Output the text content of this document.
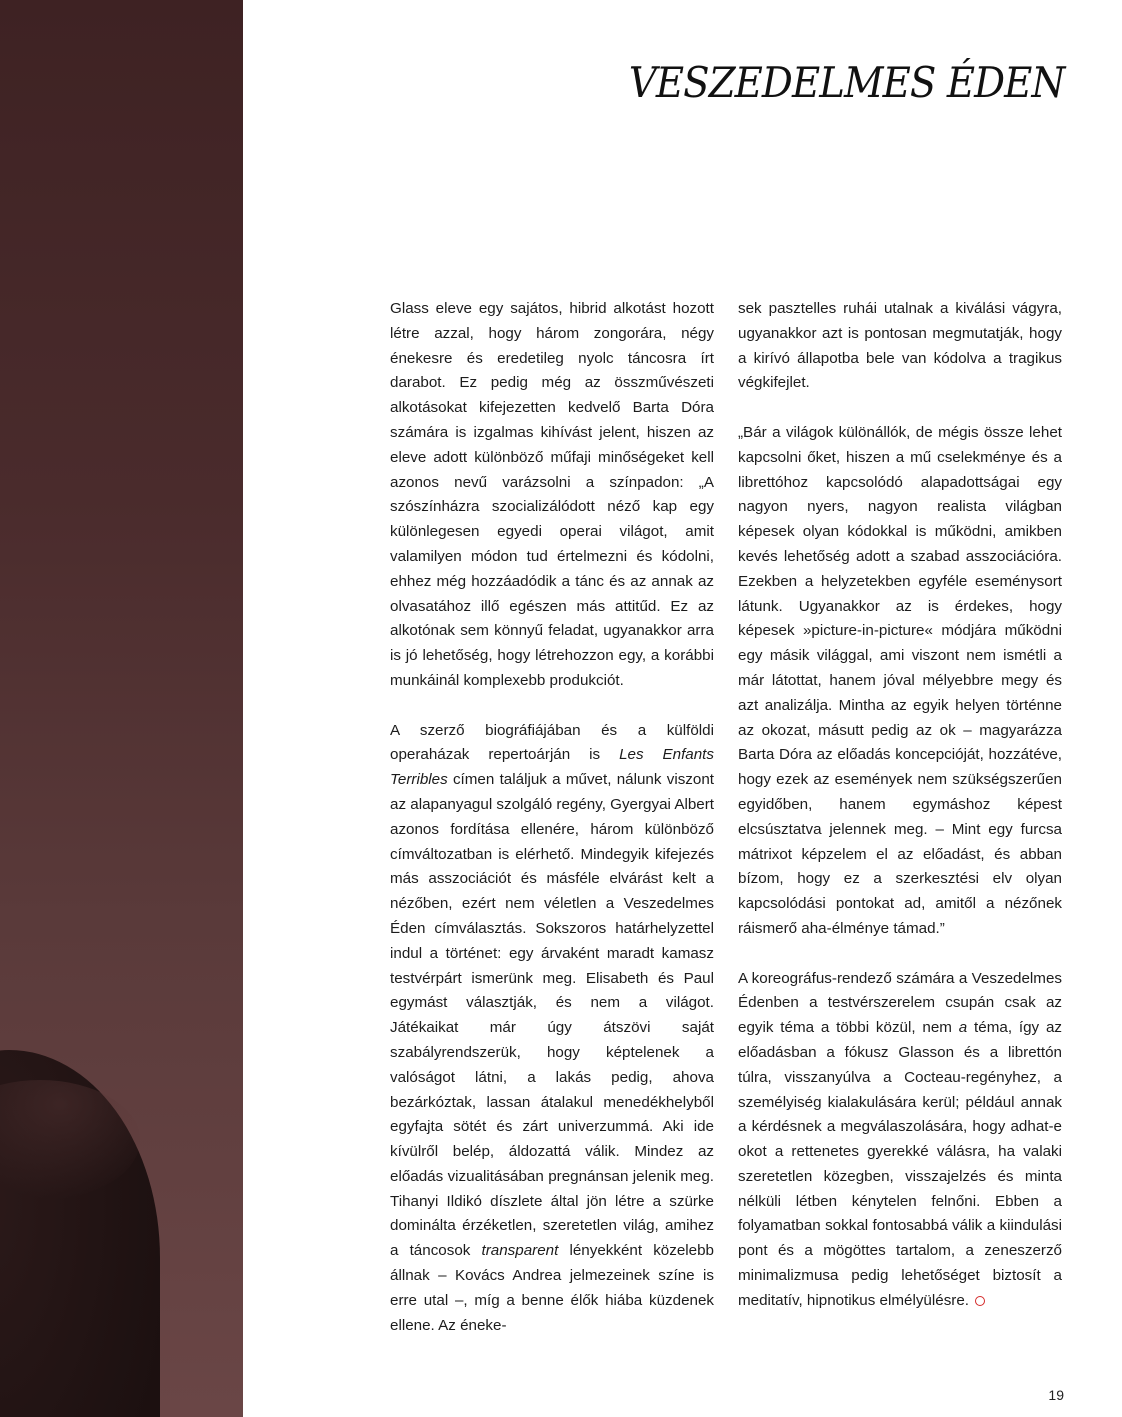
VESZEDELMES ÉDEN

Glass eleve egy sajátos, hibrid alkotást hozott létre azzal, hogy három zongorára, négy énekesre és eredetileg nyolc táncosra írt darabot. Ez pedig még az összművészeti alkotásokat kifejezetten kedvelő Barta Dóra számára is izgalmas kihívást jelent, hiszen az eleve adott különböző műfaji minőségeket kell azonos nevű varázsolni a színpadon: „A szószínházra szocializálódott néző kap egy különlegesen egyedi operai világot, amit valamilyen módon tud értelmezni és kódolni, ehhez még hozzáadódik a tánc és az annak az olvasatához illő egészen más attitűd. Ez az alkotónak sem könnyű feladat, ugyanakkor arra is jó lehetőség, hogy létrehozzon egy, a korábbi munkáinál komplexebb produkciót.

A szerző biográfiájában és a külföldi operaházak repertoárján is Les Enfants Terribles címen találjuk a művet, nálunk viszont az alapanyagul szolgáló regény, Gyergyai Albert azonos fordítása ellenére, három különböző címváltozatban is elérhető. Mindegyik kifejezés más asszociációt és másféle elvárást kelt a nézőben, ezért nem véletlen a Veszedelmes Éden címválasztás. Sokszoros határhelyzettel indul a történet: egy árvaként maradt kamasz testvérpárt ismerünk meg. Elisabeth és Paul egymást választják, és nem a világot. Játékaikat már úgy átszövi saját szabályrendszerük, hogy képtelenek a valóságot látni, a lakás pedig, ahova bezárkóztak, lassan átalakul menedékhelyből egyfajta sötét és zárt univerzummá. Aki ide kívülről belép, áldozattá válik. Mindez az előadás vizualitásában pregnánsan jelenik meg. Tihanyi Ildikó díszlete által jön létre a szürke dominálta érzéketlen, szeretetlen világ, amihez a táncosok transparent lényekként közelebb állnak – Kovács Andrea jelmezeinek színe is erre utal –, míg a benne élők hiába küzdenek ellene. Az éneke-

sek pasztelles ruhái utalnak a kiválási vágyra, ugyanakkor azt is pontosan megmutatják, hogy a kirívó állapotba bele van kódolva a tragikus végkifejlet.

„Bár a világok különállók, de mégis össze lehet kapcsolni őket, hiszen a mű cselekménye és a librettóhoz kapcsolódó alapadottságai egy nagyon nyers, nagyon realista világban képesek olyan kódokkal is működni, amikben kevés lehetőség adott a szabad asszociációra. Ezekben a helyzetekben egyféle eseménysort látunk. Ugyanakkor az is érdekes, hogy képesek »picture-in-picture« módjára működni egy másik világgal, ami viszont nem ismétli a már látottat, hanem jóval mélyebbre megy és azt analizálja. Mintha az egyik helyen történne az okozat, másutt pedig az ok – magyarázza Barta Dóra az előadás koncepcióját, hozzátéve, hogy ezek az események nem szükségszerűen egyidőben, hanem egymáshoz képest elcsúsztatva jelennek meg. – Mint egy furcsa mátrixot képzelem el az előadást, és abban bízom, hogy ez a szerkesztési elv olyan kapcsolódási pontokat ad, amitől a nézőnek ráismerő aha-élménye támad.”

A koreográfus-rendező számára a Veszedelmes Édenben a testvérszerelem csupán csak az egyik téma a többi közül, nem a téma, így az előadásban a fókusz Glasson és a librettón túlra, visszanyúlva a Cocteau-regényhez, a személyiség kialakulására kerül; például annak a kérdésnek a megválaszolására, hogy adhat-e okot a rettenetes gyerekké válásra, ha valaki szeretetlen közegben, visszajelzés és minta nélküli létben kénytelen felnőni. Ebben a folyamatban sokkal fontosabbá válik a kiindulási pont és a mögöttes tartalom, a zeneszerző minimalizmusa pedig lehetőséget biztosít a meditatív, hipnotikus elmélyülésre.

19
